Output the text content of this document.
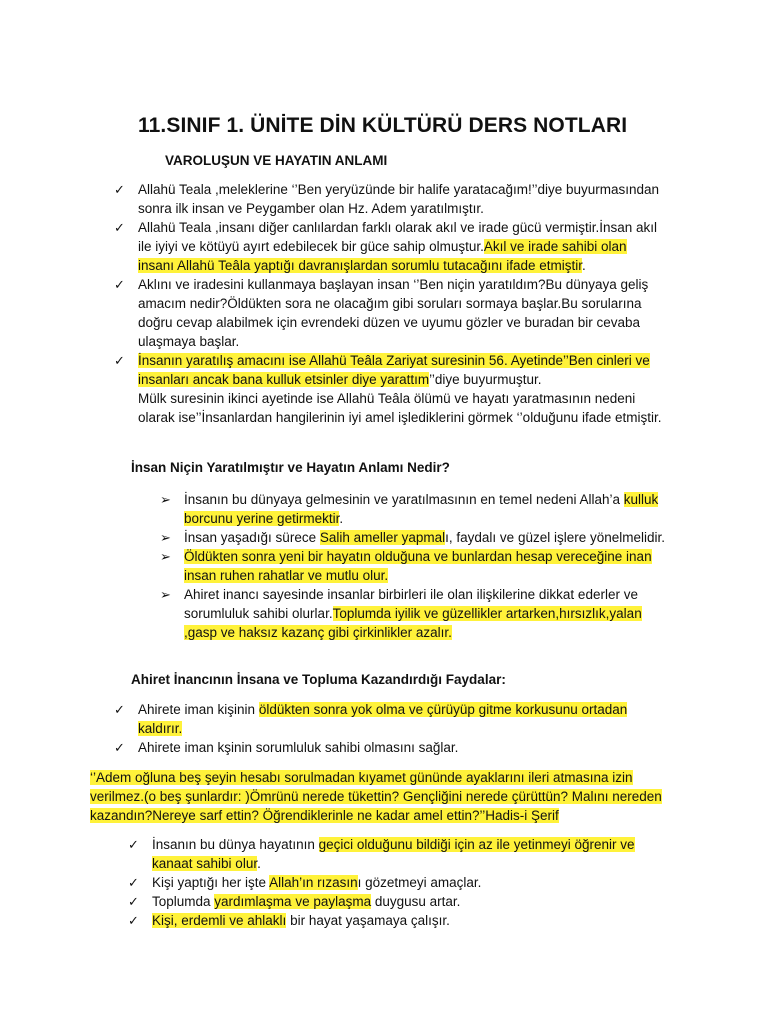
11.SINIF 1. ÜNİTE DİN KÜLTÜRÜ DERS NOTLARI
VAROLUŞUN VE HAYATIN ANLAMI
✓ Allahü Teala ,meleklerine ‘’Ben yeryüzünde bir halife yaratacağım!’’diye buyurmasından sonra ilk insan ve Peygamber olan Hz. Adem yaratılmıştır.
✓ Allahü Teala ,insanı diğer canlılardan farklı olarak akıl ve irade gücü vermiştir.İnsan akıl ile iyiyi ve kötüyü ayırt edebilecek bir güce sahip olmuştur.Akıl ve irade sahibi olan insanı Allahü Teâla yaptığı davranışlardan sorumlu tutacağını ifade etmiştir.
✓ Aklını ve iradesini kullanmaya başlayan insan ‘’Ben niçin yaratıldım?Bu dünyaya geliş amacım nedir?Öldükten sora ne olacağım gibi soruları sormaya başlar.Bu sorularına doğru cevap alabilmek için evrendeki düzen ve uyumu gözler ve buradan bir cevaba ulaşmaya başlar.
✓ İnsanın yaratılış amacını ise Allahü Teâla Zariyat suresinin 56. Ayetinde’’Ben cinleri ve insanları ancak bana kulluk etsinler diye yarattım’’diye buyurmuştur.
Mülk suresinin ikinci ayetinde ise Allahü Teâla ölümü ve hayatı yaratmasının nedeni olarak ise’’İnsanlardan hangilerinin iyi amel işlediklerini görmek ‘’olduğunu ifade etmiştir.
İnsan Niçin Yaratılmıştır ve Hayatın Anlamı Nedir?
➢ İnsanın bu dünyaya gelmesinin ve yaratılmasının en temel nedeni Allah’a kulluk borcunu yerine getirmektir.
➢ İnsan yaşadığı sürece Salih ameller yapmalı, faydalı ve güzel işlere yönelmelidir.
➢ Öldükten sonra yeni bir hayatın olduğuna ve bunlardan hesap vereceğine inan insan ruhen rahatlar ve mutlu olur.
➢ Ahiret inancı sayesinde insanlar birbirleri ile olan ilişkilerine dikkat ederler ve sorumluluk sahibi olurlar.Toplumda iyilik ve güzellikler artarken,hırsızlık,yalan ,gasp ve haksız kazanç gibi çirkinlikler azalır.
Ahiret İnancının İnsana ve Topluma Kazandırdığı Faydalar:
✓ Ahirete iman kişinin öldükten sonra yok olma ve çürüyüp gitme korkusunu ortadan kaldırır.
✓ Ahirete iman kşinin sorumluluk sahibi olmasını sağlar.

‘’Adem oğluna beş şeyin hesabı sorulmadan kıyamet gününde ayaklarını ileri atmasına izin verilmez.(o beş şunlardır: )Ömrünü nerede tükettin? Gençliğini nerede çürüttün? Malını nereden kazandın?Nereye sarf ettin? Öğrendiklerinle ne kadar amel ettin?’’Hadis-i Şerif

✓ İnsanın bu dünya hayatının geçici olduğunu bildiği için az ile yetinmeyi öğrenir ve kanaat sahibi olur.
✓ Kişi yaptığı her işte Allah’ın rızasını gözetmeyi amaçlar.
✓ Toplumda yardımlaşma ve paylaşma duygusu artar.
✓ Kişi, erdemli ve ahlaklı bir hayat yaşamaya çalışır.
